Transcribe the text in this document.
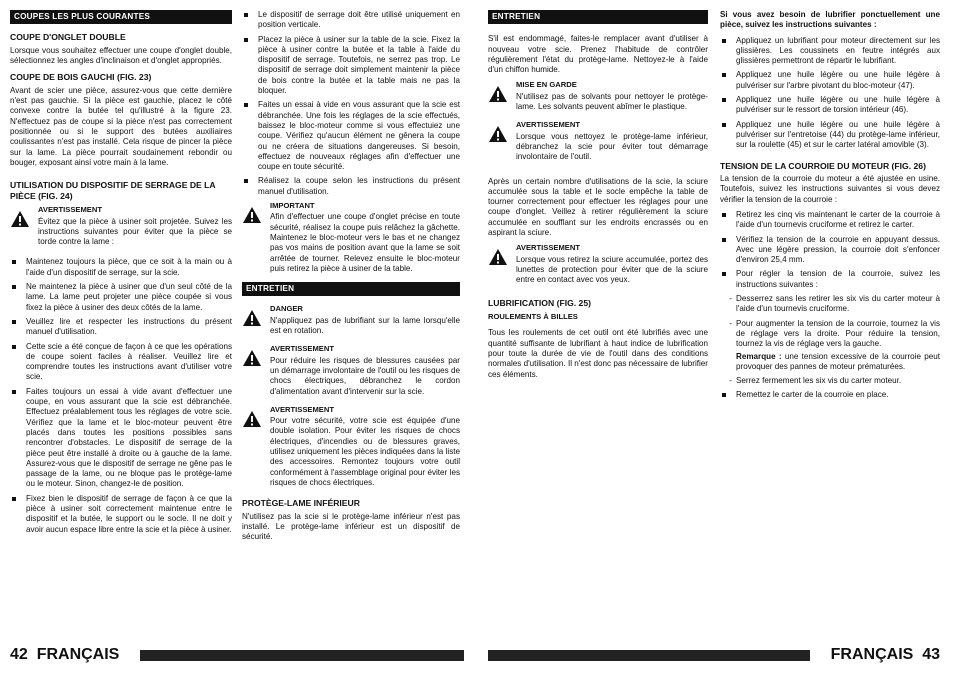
COUPES LES PLUS COURANTES
COUPE D'ONGLET DOUBLE

Lorsque vous souhaitez effectuer une coupe d'onglet double, sélectionnez les angles d'inclinaison et d'onglet appropriés.

COUPE DE BOIS GAUCHI (FIG. 23)

Avant de scier une pièce, assurez-vous que cette dernière n'est pas gauchie. Si la pièce est gauchie, placez le côté convexe contre la butée tel qu'illustré à la figure 23. N'effectuez pas de coupe si la pièce n'est pas correctement positionnée ou si le support des butées auxiliaires coulissantes n'est pas installé. Cela risque de pincer la pièce sur la lame. La pièce pourrait soudainement rebondir ou bouger, exposant ainsi votre main à la lame.

UTILISATION DU DISPOSITIF DE SERRAGE DE LA PIÈCE (FIG. 24)
AVERTISSEMENT
Évitez que la pièce à usiner soit projetée. Suivez les instructions suivantes pour éviter que la pièce se torde contre la lame :
Maintenez toujours la pièce, que ce soit à la main ou à l'aide d'un dispositif de serrage, sur la scie.
Ne maintenez la pièce à usiner que d'un seul côté de la lame. La lame peut projeter une pièce coupée si vous fixez la pièce à usiner des deux côtés de la lame.
Veuillez lire et respecter les instructions du présent manuel d'utilisation.
Cette scie a été conçue de façon à ce que les opérations de coupe soient faciles à réaliser. Veuillez lire et comprendre toutes les instructions avant d'utiliser votre scie.
Faites toujours un essai à vide avant d'effectuer une coupe, en vous assurant que la scie est débranchée. Effectuez préalablement tous les réglages de votre scie. Vérifiez que la lame et le bloc-moteur peuvent être placés dans toutes les positions possibles sans rencontrer d'obstacles. Le dispositif de serrage de la pièce peut être installé à droite ou à gauche de la lame. Assurez-vous que le dispositif de serrage ne gêne pas le passage de la lame, ou ne bloque pas le protège-lame ou le moteur. Sinon, changez-le de position.
Fixez bien le dispositif de serrage de façon à ce que la pièce à usiner soit correctement maintenue entre le dispositif et la butée, le support ou le socle. Il ne doit y avoir aucun espace libre entre la scie et la pièce à usiner.
Le dispositif de serrage doit être utilisé uniquement en position verticale.
Placez la pièce à usiner sur la table de la scie. Fixez la pièce à usiner contre la butée et la table à l'aide du dispositif de serrage. Toutefois, ne serrez pas trop. Le dispositif de serrage doit simplement maintenir la pièce de bois contre la butée et la table mais ne pas la bloquer.
Faites un essai à vide en vous assurant que la scie est débranchée. Une fois les réglages de la scie effectués, baissez le bloc-moteur comme si vous effectuiez une coupe. Vérifiez qu'aucun élément ne gênera la coupe ou ne créera de situations dangereuses. Si besoin, effectuez de nouveaux réglages afin d'effectuer une coupe en toute sécurité.
Réalisez la coupe selon les instructions du présent manuel d'utilisation.
IMPORTANT
Afin d'effectuer une coupe d'onglet précise en toute sécurité, réalisez la coupe puis relâchez la gâchette. Maintenez le bloc-moteur vers le bas et ne changez pas vos mains de position avant que la lame se soit arrêtée de tourner. Relevez ensuite le bloc-moteur puis retirez la pièce à usiner de la table.
ENTRETIEN
DANGER
N'appliquez pas de lubrifiant sur la lame lorsqu'elle est en rotation.
AVERTISSEMENT
Pour réduire les risques de blessures causées par un démarrage involontaire de l'outil ou les risques de chocs électriques, débranchez le cordon d'alimentation avant d'intervenir sur la scie.
AVERTISSEMENT
Pour votre sécurité, votre scie est équipée d'une double isolation. Pour éviter les risques de chocs électriques, d'incendies ou de blessures graves, utilisez uniquement les pièces indiquées dans la liste des accessoires. Remontez toujours votre outil conformément à l'assemblage original pour éviter les risques de chocs électriques.
PROTÈGE-LAME INFÉRIEUR

N'utilisez pas la scie si le protège-lame inférieur n'est pas installé. Le protège-lame inférieur est un dispositif de sécurité.

ENTRETIEN

S'il est endommagé, faites-le remplacer avant d'utiliser à nouveau votre scie. Prenez l'habitude de contrôler régulièrement l'état du protège-lame. Nettoyez-le à l'aide d'un chiffon humide.

MISE EN GARDE
N'utilisez pas de solvants pour nettoyer le protège-lame. Les solvants peuvent abîmer le plastique.
AVERTISSEMENT
Lorsque vous nettoyez le protège-lame inférieur, débranchez la scie pour éviter tout démarrage involontaire de l'outil.

Après un certain nombre d'utilisations de la scie, la sciure accumulée sous la table et le socle empêche la table de tourner correctement pour effectuer les réglages pour une coupe d'onglet. Veillez à retirer régulièrement la sciure accumulée en soufflant sur les endroits encrassés ou en aspirant la sciure.

AVERTISSEMENT
Lorsque vous retirez la sciure accumulée, portez des lunettes de protection pour éviter que de la sciure entre en contact avec vos yeux.
LUBRIFICATION (FIG. 25)
ROULEMENTS À BILLES

Tous les roulements de cet outil ont été lubrifiés avec une quantité suffisante de lubrifiant à haut indice de lubrification pour toute la durée de vie de l'outil dans des conditions normales d'utilisation. Il n'est donc pas nécessaire de lubrifier ces éléments.

Si vous avez besoin de lubrifier ponctuellement une pièce, suivez les instructions suivantes :

Appliquez un lubrifiant pour moteur directement sur les glissières. Les coussinets en feutre intégrés aux glissières permettront de répartir le lubrifiant.
Appliquez une huile légère ou une huile légère à pulvériser sur l'arbre pivotant du bloc-moteur (47).
Appliquez une huile légère ou une huile légère à pulvériser sur le ressort de torsion intérieur (46).
Appliquez une huile légère ou une huile légère à pulvériser sur l'entretoise (44) du protège-lame inférieur, sur la roulette (45) et sur le carter latéral amovible (3).
TENSION DE LA COURROIE DU MOTEUR (FIG. 26)

La tension de la courroie du moteur a été ajustée en usine. Toutefois, suivez les instructions suivantes si vous devez vérifier la tension de la courroie :

Retirez les cinq vis maintenant le carter de la courroie à l'aide d'un tournevis cruciforme et retirez le carter.
Vérifiez la tension de la courroie en appuyant dessus. Avec une légère pression, la courroie doit s'enfoncer d'environ 25,4 mm.
Pour régler la tension de la courroie, suivez les instructions suivantes :
- Desserrez sans les retirer les six vis du carter moteur à l'aide d'un tournevis cruciforme.
- Pour augmenter la tension de la courroie, tournez la vis de réglage vers la droite. Pour réduire la tension, tournez la vis de réglage vers la gauche.
Remarque : une tension excessive de la courroie peut provoquer des pannes de moteur prématurées.
- Serrez fermement les six vis du carter moteur.
Remettez le carter de la courroie en place.
42 FRANÇAIS	FRANÇAIS 43
